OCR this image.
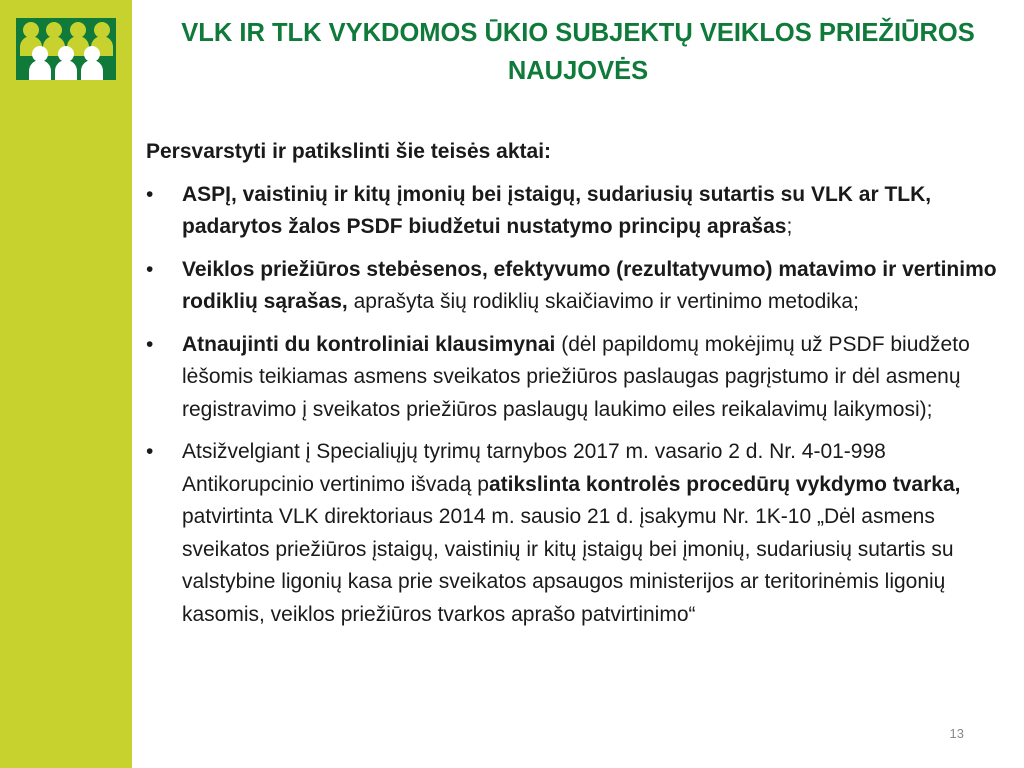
VLK IR TLK VYKDOMOS ŪKIO SUBJEKTŲ VEIKLOS PRIEŽIŪROS NAUJOVĖS

Persvarstyti ir patikslinti šie teisės aktai:

• ASPĮ, vaistinių ir kitų įmonių bei įstaigų, sudariusių sutartis su VLK ar TLK, padarytos žalos PSDF biudžetui nustatymo principų aprašas;
• Veiklos priežiūros stebėsenos, efektyvumo (rezultatyvumo) matavimo ir vertinimo rodiklių sąrašas, aprašyta šių rodiklių skaičiavimo ir vertinimo metodika;
• Atnaujinti du kontroliniai klausimynai (dėl papildomų mokėjimų už PSDF biudžeto lėšomis teikiamas asmens sveikatos priežiūros paslaugas pagrįstumo ir dėl asmenų registravimo į sveikatos priežiūros paslaugų laukimo eiles reikalavimų laikymosi);
• Atsižvelgiant į Specialiųjų tyrimų tarnybos 2017 m. vasario 2 d. Nr. 4-01-998 Antikorupcinio vertinimo išvadą patikslinta kontrolės procedūrų vykdymo tvarka, patvirtinta VLK direktoriaus 2014 m. sausio 21 d. įsakymu Nr. 1K-10 „Dėl asmens sveikatos priežiūros įstaigų, vaistinių ir kitų įstaigų bei įmonių, sudariusių sutartis su valstybine ligonių kasa prie sveikatos apsaugos ministerijos ar teritorinėmis ligonių kasomis, veiklos priežiūros tvarkos aprašo patvirtinimo“
13
